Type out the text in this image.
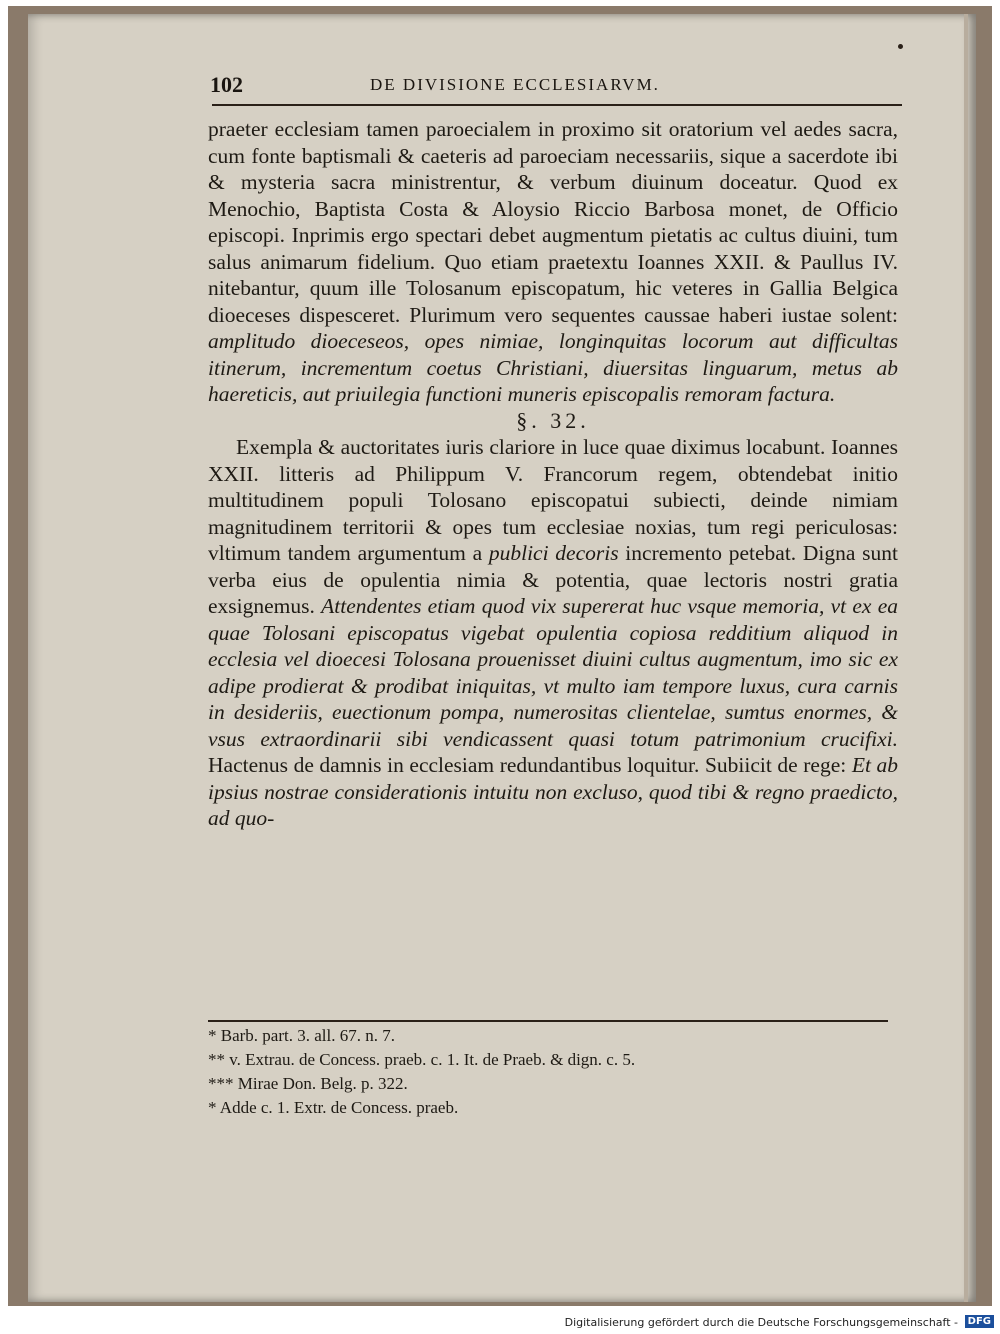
102	DE DIVISIONE ECCLESIARVM.

praeter ecclesiam tamen paroecialem in proximo sit oratorium vel aedes sacra, cum fonte baptismali & caeteris ad paroeciam necessariis, sique a sacerdote ibi & mysteria sacra ministrentur, & verbum diuinum doceatur. Quod ex Menochio, Baptista Costa & Aloysio Riccio Barbosa monet, de Officio episcopi. Inprimis ergo spectari debet augmentum pietatis ac cultus diuini, tum salus animarum fidelium. Quo etiam praetextu Ioannes XXII. & Paullus IV. nitebantur, quum ille Tolosanum episcopatum, hic veteres in Gallia Belgica dioeceses dispesceret. Plurimum vero sequentes caussae haberi iustae solent: amplitudo dioeceseos, opes nimiae, longinquitas locorum aut difficultas itinerum, incrementum coetus Christiani, diuersitas linguarum, metus ab haereticis, aut priuilegia functioni muneris episcopalis remoram factura.

§. 32.

Exempla & auctoritates iuris clariore in luce quae diximus locabunt. Ioannes XXII. litteris ad Philippum V. Francorum regem, obtendebat initio multitudinem populi Tolosano episcopatui subiecti, deinde nimiam magnitudinem territorii & opes tum ecclesiae noxias, tum regi periculosas: vltimum tandem argumentum a publici decoris incremento petebat. Digna sunt verba eius de opulentia nimia & potentia, quae lectoris nostri gratia exsignemus. Attendentes etiam quod vix supererat huc vsque memoria, vt ex ea quae Tolosani episcopatus vigebat opulentia copiosa redditium aliquod in ecclesia vel dioecesi Tolosana prouenisset diuini cultus augmentum, imo sic ex adipe prodierat & prodibat iniquitas, vt multo iam tempore luxus, cura carnis in desideriis, euectionum pompa, numerositas clientelae, sumtus enormes, & vsus extraordinarii sibi vendicassent quasi totum patrimonium crucifixi. Hactenus de damnis in ecclesiam redundantibus loquitur. Subiicit de rege: Et ab ipsius nostrae considerationis intuitu non excluso, quod tibi & regno praedicto, ad quo-

* Barb. part. 3. all. 67. n. 7.
** v. Extrau. de Concess. praeb. c. 1. It. de Praeb. & dign. c. 5.
*** Mirae Don. Belg. p. 322.
* Adde c. 1. Extr. de Concess. praeb.
Digitalisierung gefördert durch die Deutsche Forschungsgemeinschaft - DFG
